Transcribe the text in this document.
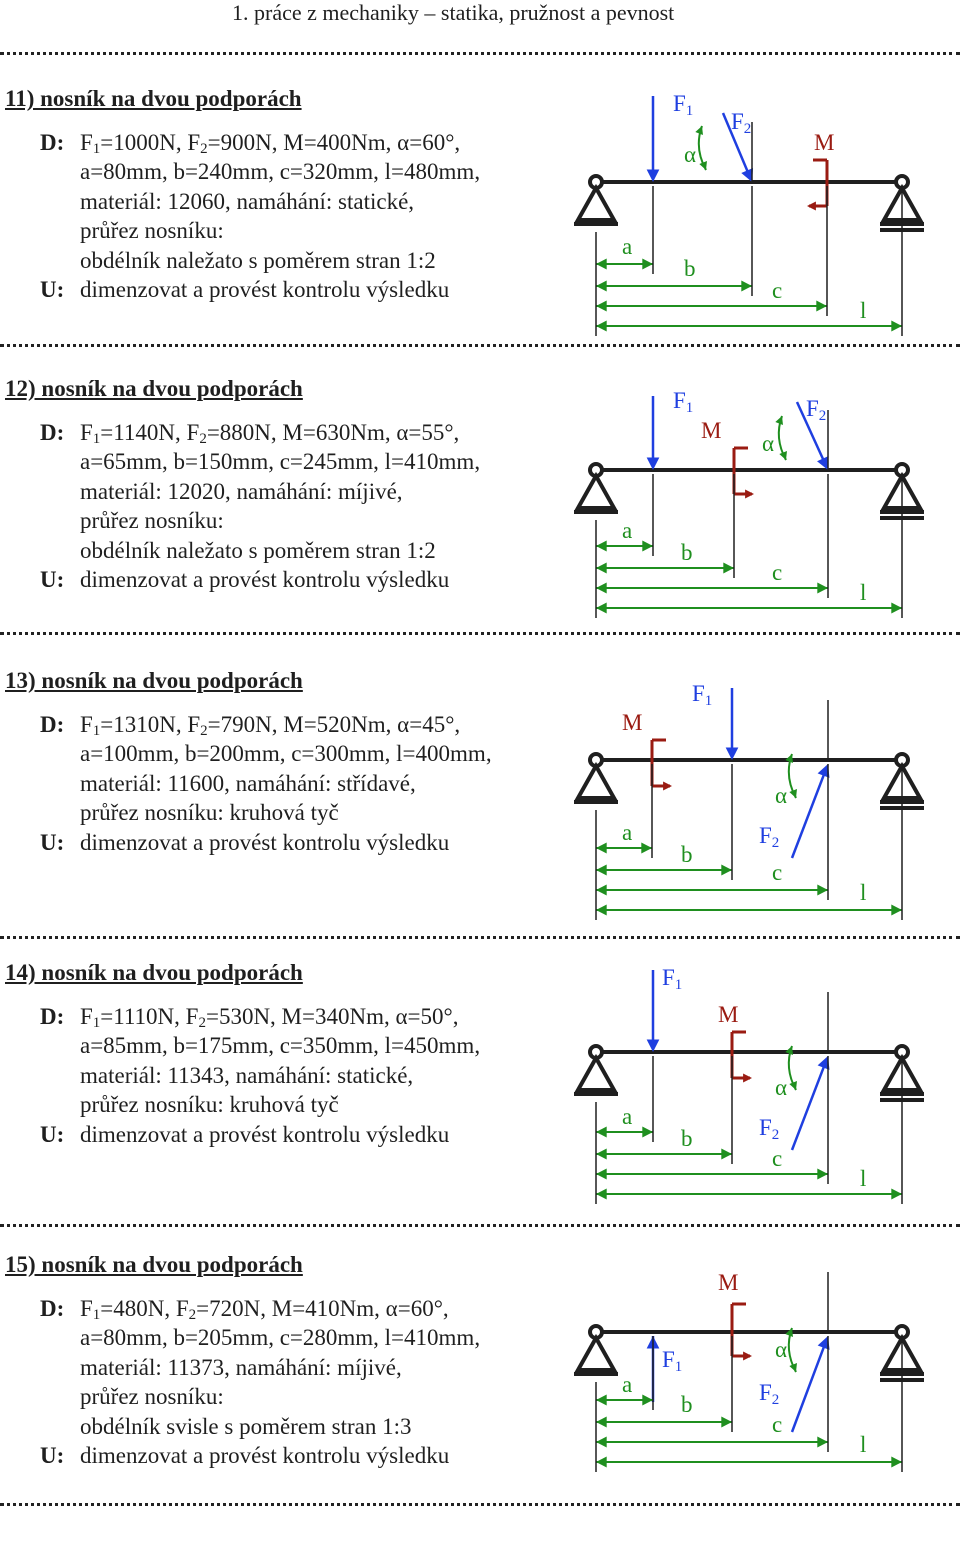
1. práce z mechaniky – statika, pružnost a pevnost
11) nosník na dvou podporách
D: $F_1=1000N$, $F_2=900N$, M=400Nm, α=60°,
a=80mm, b=240mm, c=320mm, l=480mm,
materiál: 12060, namáhání: statické,
průřez nosníku:
obdélník naležato s poměrem stran 1:2
U: dimenzovat a provést kontrolu výsledku
F1 F2
α	M
a
b
c
l
12) nosník na dvou podporách
D: $F_1=1140N$, $F_2=880N$, M=630Nm, α=55°,
a=65mm, b=150mm, c=245mm, l=410mm,
materiál: 12020, namáhání: míjivé,
průřez nosníku:
obdélník naležato s poměrem stran 1:2
U: dimenzovat a provést kontrolu výsledku
F1	F2
α
M
a
b
c
l
13) nosník na dvou podporách
D: $F_1=1310N$, $F_2=790N$, M=520Nm, α=45°,
a=100mm, b=200mm, c=300mm, l=400mm,
materiál: 11600, namáhání: střídavé,
průřez nosníku: kruhová tyč
U: dimenzovat a provést kontrolu výsledku
F1
F2
α
M
a
b
c
l
14) nosník na dvou podporách
D: $F_1=1110N$, $F_2=530N$, M=340Nm, α=50°,
a=85mm, b=175mm, c=350mm, l=450mm,
materiál: 11343, namáhání: statické,
průřez nosníku: kruhová tyč
U: dimenzovat a provést kontrolu výsledku
F1
F2
α
M
a
b
c
l
15) nosník na dvou podporách
D: $F_1=480N$, $F_2=720N$, M=410Nm, α=60°,
a=80mm, b=205mm, c=280mm, l=410mm,
materiál: 11373, namáhání: míjivé,
průřez nosníku:
obdélník svisle s poměrem stran 1:3
U: dimenzovat a provést kontrolu výsledku
F1
F2
α
M
a
b
c
l
